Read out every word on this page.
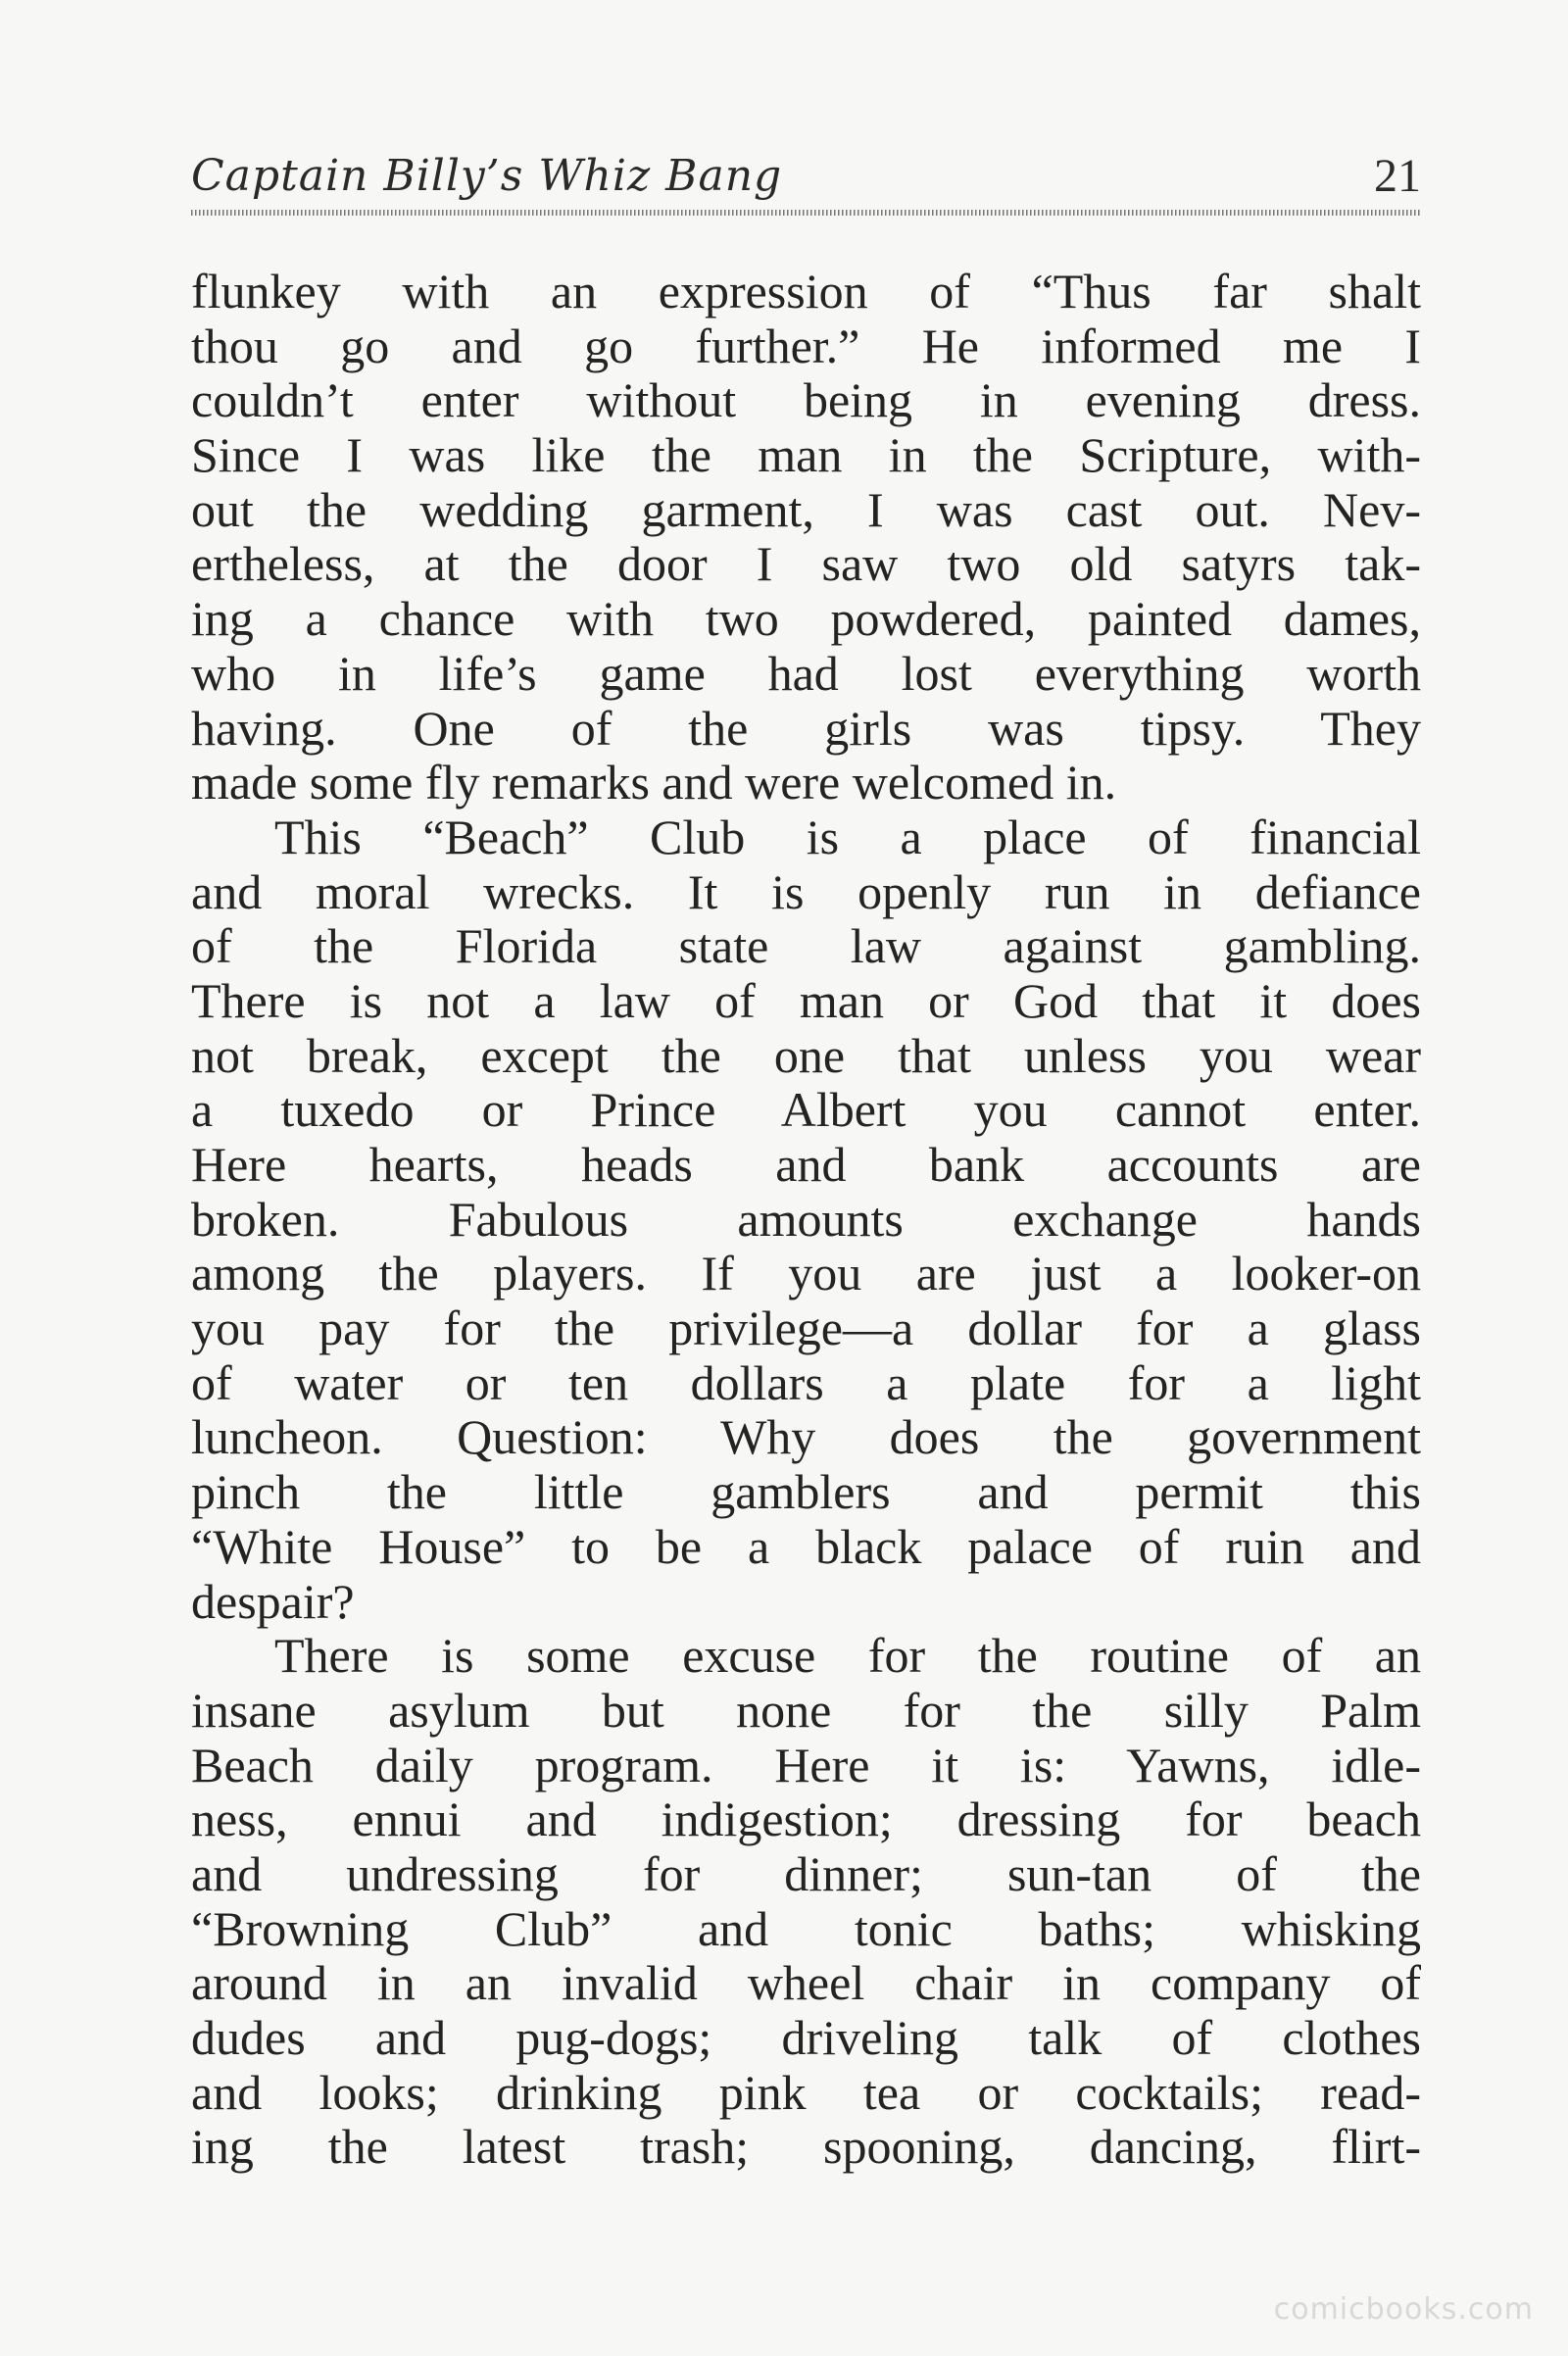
Captain Billy’s Whiz Bang	21
flunkey with an expression of “Thus far shalt
thou go and go further.” He informed me I
couldn’t enter without being in evening dress.
Since I was like the man in the Scripture, with-
out the wedding garment, I was cast out. Nev-
ertheless, at the door I saw two old satyrs tak-
ing a chance with two powdered, painted dames,
who in life’s game had lost everything worth
having. One of the girls was tipsy. They
made some fly remarks and were welcomed in.
This “Beach” Club is a place of financial
and moral wrecks. It is openly run in defiance
of the Florida state law against gambling.
There is not a law of man or God that it does
not break, except the one that unless you wear
a tuxedo or Prince Albert you cannot enter.
Here hearts, heads and bank accounts are
broken. Fabulous amounts exchange hands
among the players. If you are just a looker-on
you pay for the privilege—a dollar for a glass
of water or ten dollars a plate for a light
luncheon. Question: Why does the government
pinch the little gamblers and permit this
“White House” to be a black palace of ruin and
despair?
There is some excuse for the routine of an
insane asylum but none for the silly Palm
Beach daily program. Here it is: Yawns, idle-
ness, ennui and indigestion; dressing for beach
and undressing for dinner; sun-tan of the
“Browning Club” and tonic baths; whisking
around in an invalid wheel chair in company of
dudes and pug-dogs; driveling talk of clothes
and looks; drinking pink tea or cocktails; read-
ing the latest trash; spooning, dancing, flirt-
comicbooks.com
